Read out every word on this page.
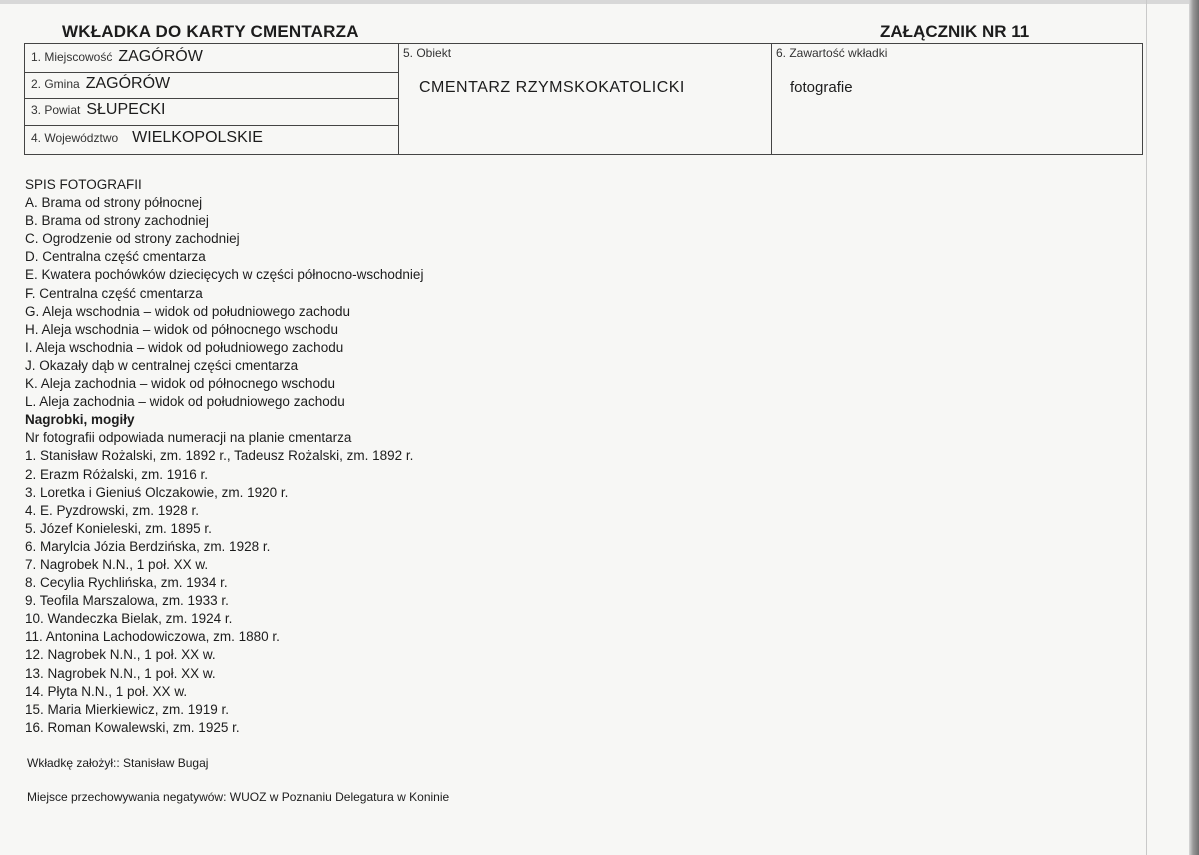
WKŁADKA DO KARTY CMENTARZA	ZAŁĄCZNIK NR 11
1. Miejscowość ZAGÓRÓW
2. Gmina ZAGÓRÓW
3. Powiat SŁUPECKI
4. Województwo WIELKOPOLSKIE
5. Obiekt
CMENTARZ RZYMSKOKATOLICKI
6. Zawartość wkładki
fotografie
SPIS FOTOGRAFII
A. Brama od strony północnej
B. Brama od strony zachodniej
C. Ogrodzenie od strony zachodniej
D. Centralna część cmentarza
E. Kwatera pochówków dziecięcych w części północno-wschodniej
F. Centralna część cmentarza
G. Aleja wschodnia – widok od południowego zachodu
H. Aleja wschodnia – widok od północnego wschodu
I. Aleja wschodnia – widok od południowego zachodu
J. Okazały dąb w centralnej części cmentarza
K. Aleja zachodnia – widok od północnego wschodu
L. Aleja zachodnia – widok od południowego zachodu
Nagrobki, mogiły
Nr fotografii odpowiada numeracji na planie cmentarza
1. Stanisław Rożalski, zm. 1892 r., Tadeusz Rożalski, zm. 1892 r.
2. Erazm Różalski, zm. 1916 r.
3. Loretka i Gieniuś Olczakowie, zm. 1920 r.
4. E. Pyzdrowski, zm. 1928 r.
5. Józef Konieleski, zm. 1895 r.
6. Marylcia Józia Berdzińska, zm. 1928 r.
7. Nagrobek N.N., 1 poł. XX w.
8. Cecylia Rychlińska, zm. 1934 r.
9. Teofila Marszalowa, zm. 1933 r.
10. Wandeczka Bielak, zm. 1924 r.
11. Antonina Lachodowiczowa, zm. 1880 r.
12. Nagrobek N.N., 1 poł. XX w.
13. Nagrobek N.N., 1 poł. XX w.
14. Płyta N.N., 1 poł. XX w.
15. Maria Mierkiewicz, zm. 1919 r.
16. Roman Kowalewski, zm. 1925 r.
Wkładkę założył:: Stanisław Bugaj
Miejsce przechowywania negatywów: WUOZ w Poznaniu Delegatura w Koninie
